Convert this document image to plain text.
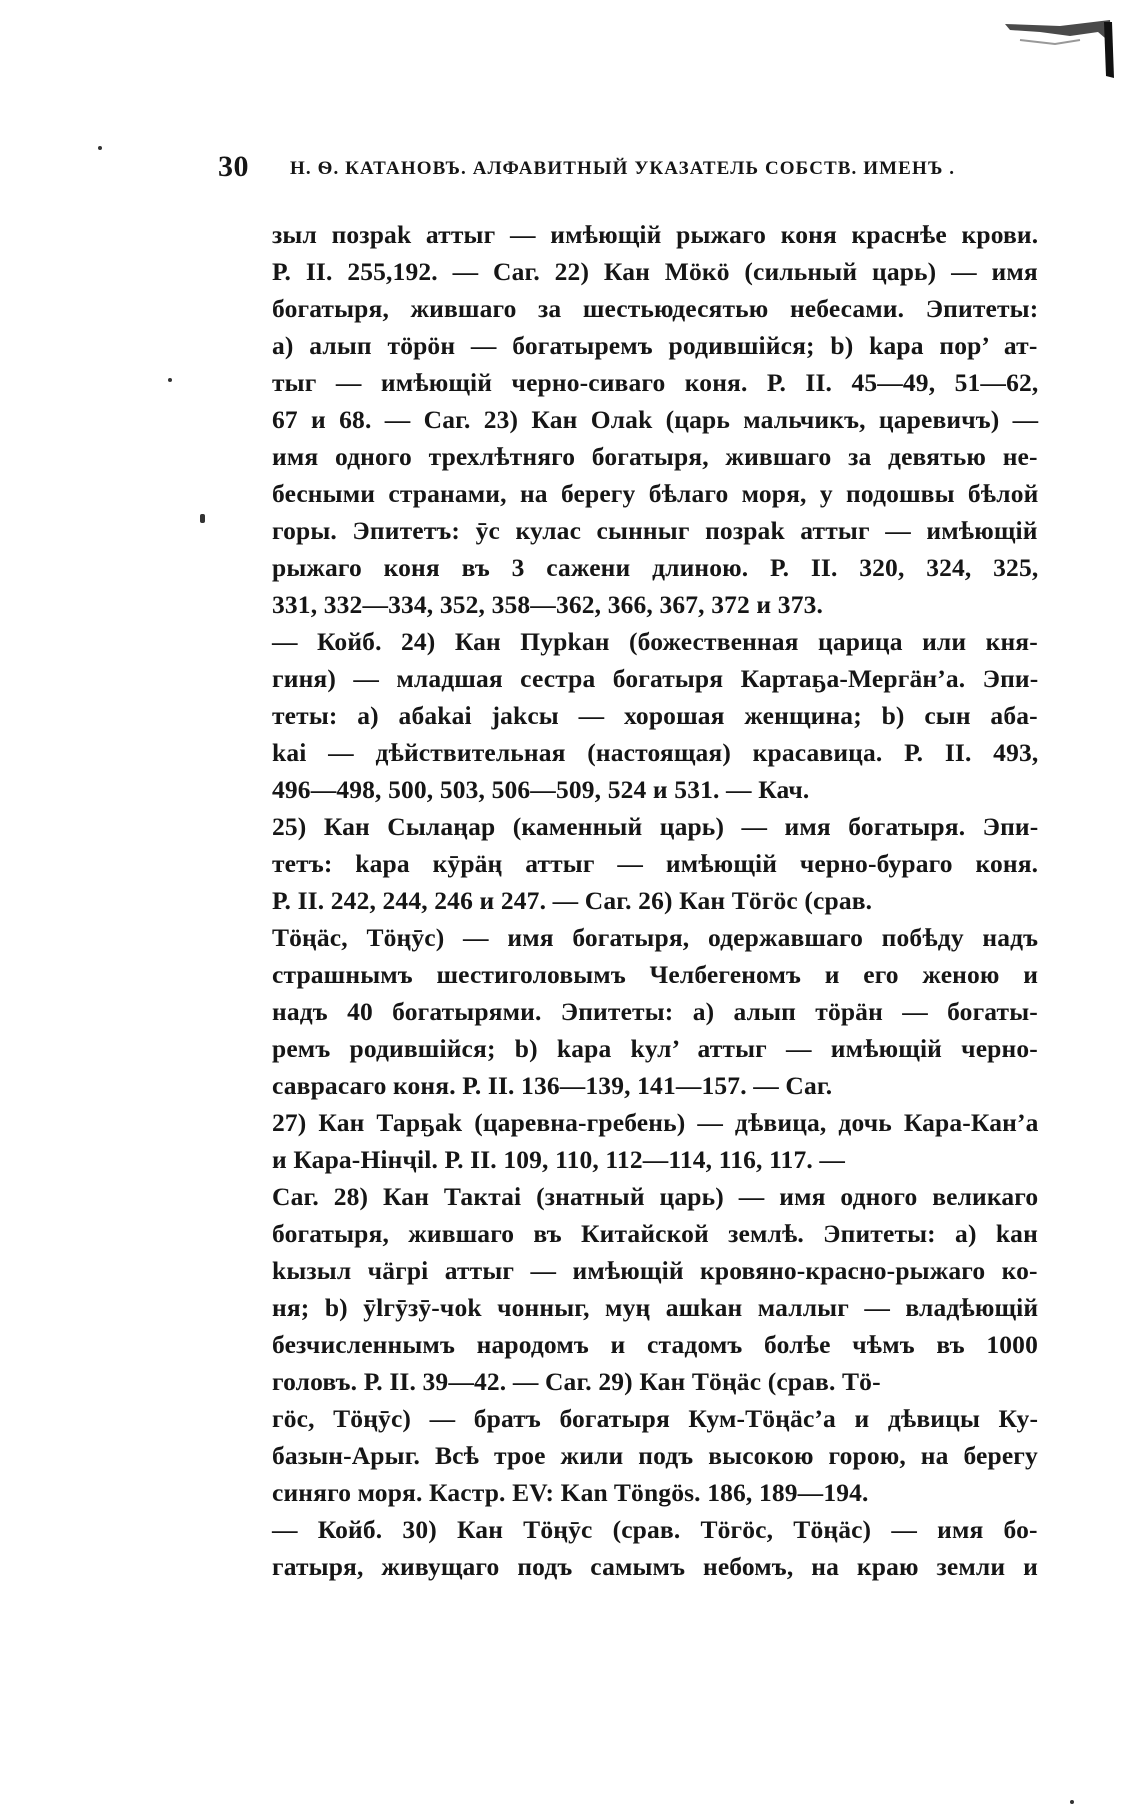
30 Н. Ѳ. КАТАНОВЪ. АЛФАВИТНЫЙ УКАЗАТЕЛЬ СОБСТВ. ИМЕНЪ .
зыл позраk аттыг — имѣющій рыжаго коня краснѣе крови.
Р. II. 255,192. — Саг. 22) Кан Мӧкӧ (сильный царь) — имя
богатыря, жившаго за шестьюдесятью небесами. Эпитеты:
а) алып тӧрӧн — богатыремъ родившійся; b) kара пор’ ат-
тыг — имѣющій черно-сиваго коня. Р. II. 45—49, 51—62,
67 и 68. — Саг. 23) Кан Олаk (царь мальчикъ, царевичъ) —
имя одного трехлѣтняго богатыря, жившаго за девятью не-
бесными странами, на берегу бѣлаго моря, у подошвы бѣлой
горы. Эпитетъ: ӯс кулас сынныг позраk аттыг — имѣющій
рыжаго коня въ 3 сажени длиною. Р. II. 320, 324, 325,
331, 332—334, 352, 358—362, 366, 367, 372 и 373.
— Койб. 24) Кан Пурkан (божественная царица или кня-
гиня) — младшая сестра богатыря Картаҕа-Мергӓн’а. Эпи-
теты: а) абаkаі јаkсы — хорошая женщина; b) сын аба-
kаі — дѣйствительная (настоящая) красавица. Р. II. 493,
496—498, 500, 503, 506—509, 524 и 531. — Кач.
25) Кан Сылаңар (каменный царь) — имя богатыря. Эпи-
тетъ: kара кӯрӓң аттыг — имѣющій черно-бураго коня.
Р. II. 242, 244, 246 и 247. — Саг. 26) Кан Тӧгӧс (срав.
Тӧңӓс, Тӧңӯс) — имя богатыря, одержавшаго побѣду надъ
страшнымъ шестиголовымъ Челбегеномъ и его женою и
надъ 40 богатырями. Эпитеты: а) алып тӧрӓн — богаты-
ремъ родившійся; b) kара kул’ аттыг — имѣющій черно-
саврасаго коня. Р. II. 136—139, 141—157. — Саг.
27) Кан Тарҕаk (царевна-гребень) — дѣвица, дочь Кара-Кан’а
и Кара-Нінҷіl. Р. II. 109, 110, 112—114, 116, 117. —
Саг. 28) Кан Тактаі (знатный царь) — имя одного великаго
богатыря, жившаго въ Китайской землѣ. Эпитеты: а) kан
kызыл чӓгрі аттыг — имѣющій кровяно-красно-рыжаго ко-
ня; b) ӯlгӯзӯ-чоk чонныг, муң ашkан маллыг — владѣющій
безчисленнымъ народомъ и стадомъ болѣе чѣмъ въ 1000
головъ. Р. II. 39—42. — Саг. 29) Кан Тӧңӓс (срав. Тӧ-
гӧс, Тӧңӯс) — братъ богатыря Кум-Тӧңӓс’а и дѣвицы Ку-
базын-Арыг. Всѣ трое жили подъ высокою горою, на берегу
синяго моря. Кастр. EV: Kan Töngös. 186, 189—194.
— Койб. 30) Кан Тӧңӯс (срав. Тӧгӧс, Тӧңӓс) — имя бо-
гатыря, живущаго подъ самымъ небомъ, на краю земли и
